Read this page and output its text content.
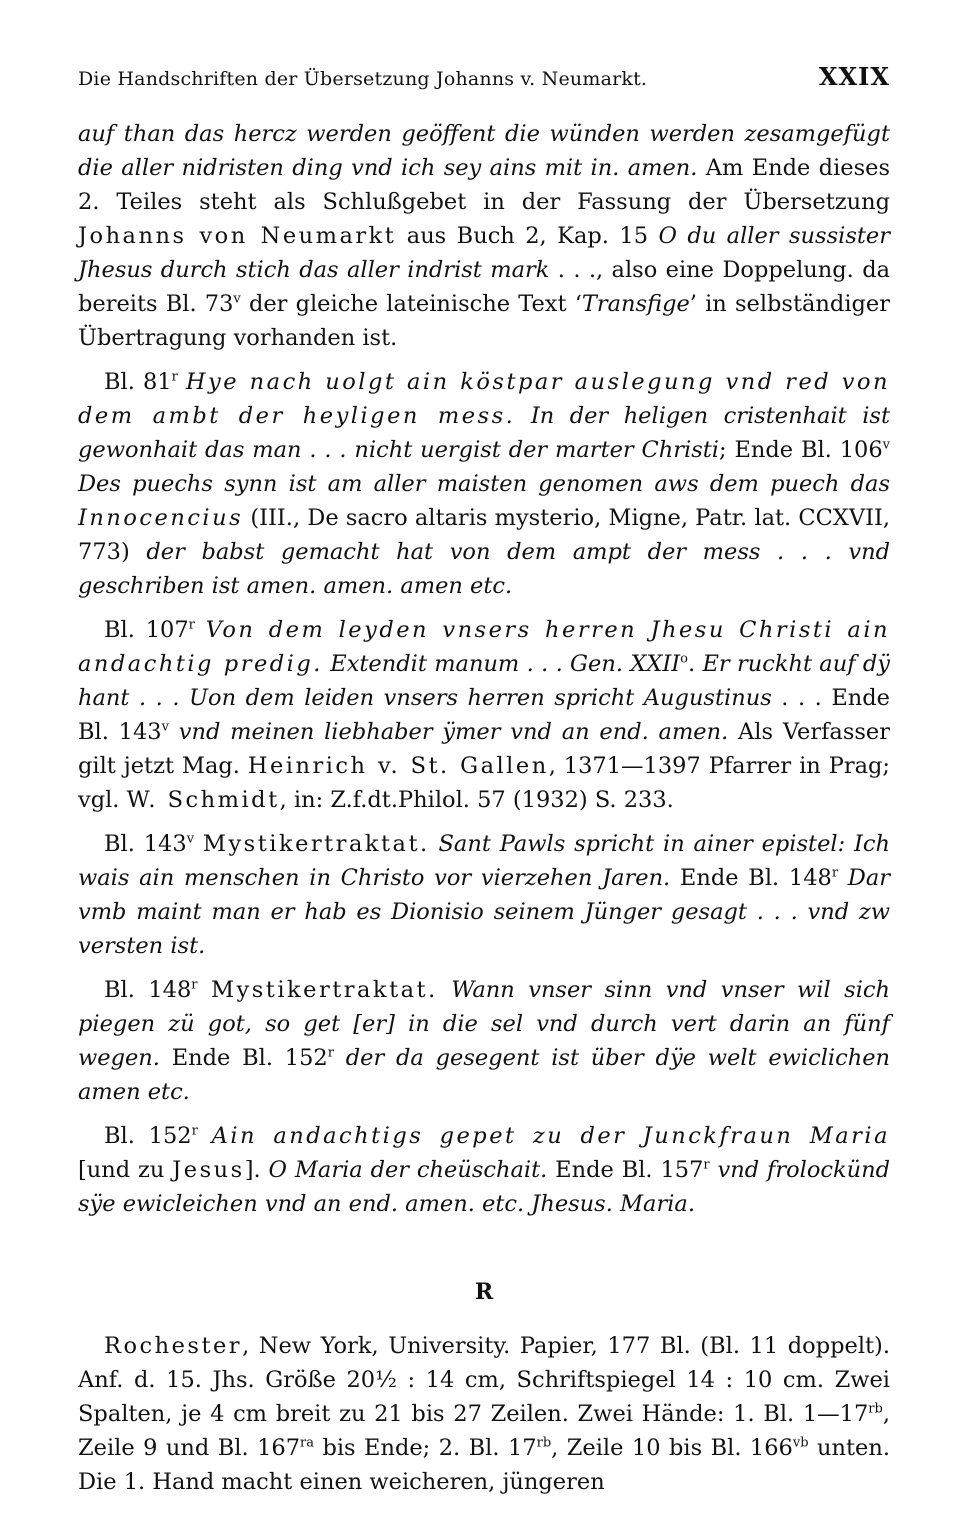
Die Handschriften der Übersetzung Johanns v. Neumarkt.	XXIX

auf than das hercz werden geöffent die wünden werden zesamgefügt die aller nidristen ding vnd ich sey ains mit in. amen. Am Ende dieses 2. Teiles steht als Schlußgebet in der Fassung der Übersetzung Johanns von Neumarkt aus Buch 2, Kap. 15 O du aller sussister Jhesus durch stich das aller indrist mark . . ., also eine Doppelung. da bereits Bl. 73$^v$ der gleiche lateinische Text ‘Transfige’ in selbständiger Übertragung vorhanden ist.

Bl. 81$^r$ Hye nach uolgt ain köstpar auslegung vnd red von dem ambt der heyligen mess. In der heligen cristenhait ist gewonhait das man . . . nicht uergist der marter Christi; Ende Bl. 106$^v$ Des puechs synn ist am aller maisten genomen aws dem puech das Innocencius (III., De sacro altaris mysterio, Migne, Patr. lat. CCXVII, 773) der babst gemacht hat von dem ampt der mess . . . vnd geschriben ist amen. amen. amen etc.

Bl. 107$^r$ Von dem leyden vnsers herren Jhesu Christi ain andachtig predig. Extendit manum . . . Gen. XXII$^o$. Er ruckht auf dÿ hant . . . Uon dem leiden vnsers herren spricht Augustinus . . . Ende Bl. 143$^v$ vnd meinen liebhaber ÿmer vnd an end. amen. Als Verfasser gilt jetzt Mag. Heinrich v. St. Gallen, 1371—1397 Pfarrer in Prag; vgl. W. Schmidt, in: Z.f.dt.Philol. 57 (1932) S. 233.

Bl. 143$^v$ Mystikertraktat. Sant Pawls spricht in ainer epistel: Ich wais ain menschen in Christo vor vierzehen Jaren. Ende Bl. 148$^r$ Dar vmb maint man er hab es Dionisio seinem Jünger gesagt . . . vnd zw versten ist.

Bl. 148$^r$ Mystikertraktat. Wann vnser sinn vnd vnser wil sich piegen zü got, so get [er] in die sel vnd durch vert darin an fünf wegen. Ende Bl. 152$^r$ der da gesegent ist über dÿe welt ewiclichen amen etc.

Bl. 152$^r$ Ain andachtigs gepet zu der Junckfraun Maria [und zu Jesus]. O Maria der cheüschait. Ende Bl. 157$^r$ vnd frolockünd sÿe ewicleichen vnd an end. amen. etc. Jhesus. Maria.

R

Rochester, New York, University. Papier, 177 Bl. (Bl. 11 doppelt). Anf. d. 15. Jhs. Größe 20½ : 14 cm, Schriftspiegel 14 : 10 cm. Zwei Spalten, je 4 cm breit zu 21 bis 27 Zeilen. Zwei Hände: 1. Bl. $1—17^{rb}$, Zeile 9 und Bl. $167^{ra}$ bis Ende; 2. Bl. $17^{rb}$, Zeile 10 bis Bl. $166^{vb}$ unten. Die 1. Hand macht einen weicheren, jüngeren
